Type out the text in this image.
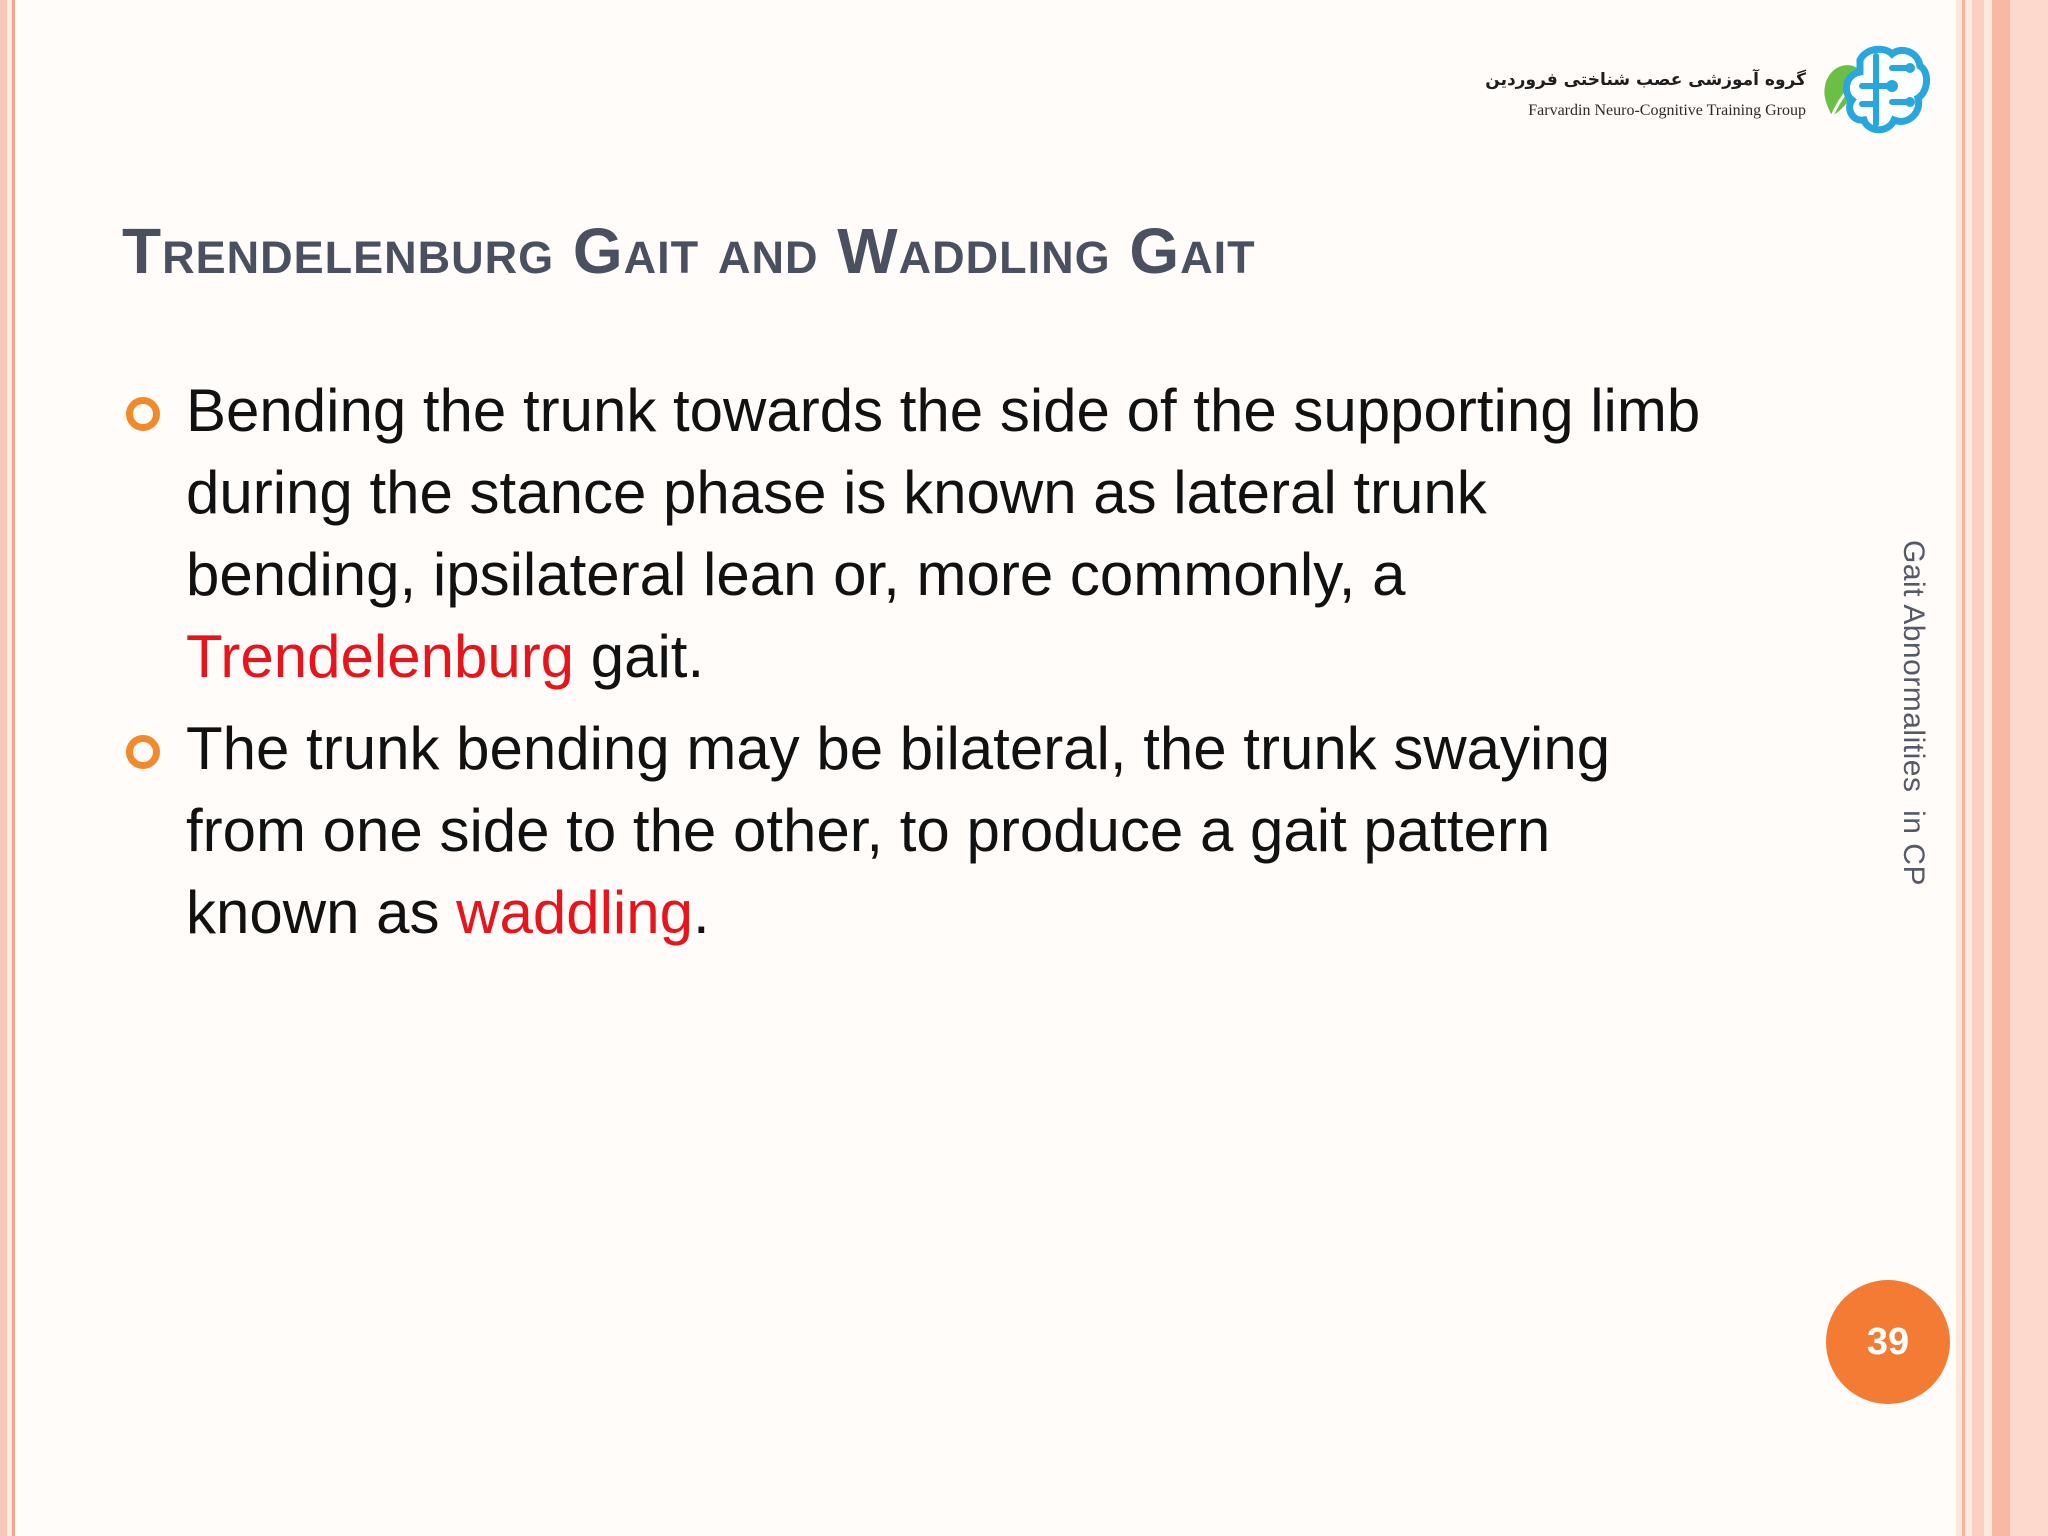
گروه آموزشی عصب شناختی فروردین
Farvardin Neuro-Cognitive Training Group
Trendelenburg Gait and Waddling Gait
Bending the trunk towards the side of the supporting limb during the stance phase is known as lateral trunk bending, ipsilateral lean or, more commonly, a Trendelenburg gait.
The trunk bending may be bilateral, the trunk swaying from one side to the other, to produce a gait pattern known as waddling.
Gait Abnormalities  in CP
39
